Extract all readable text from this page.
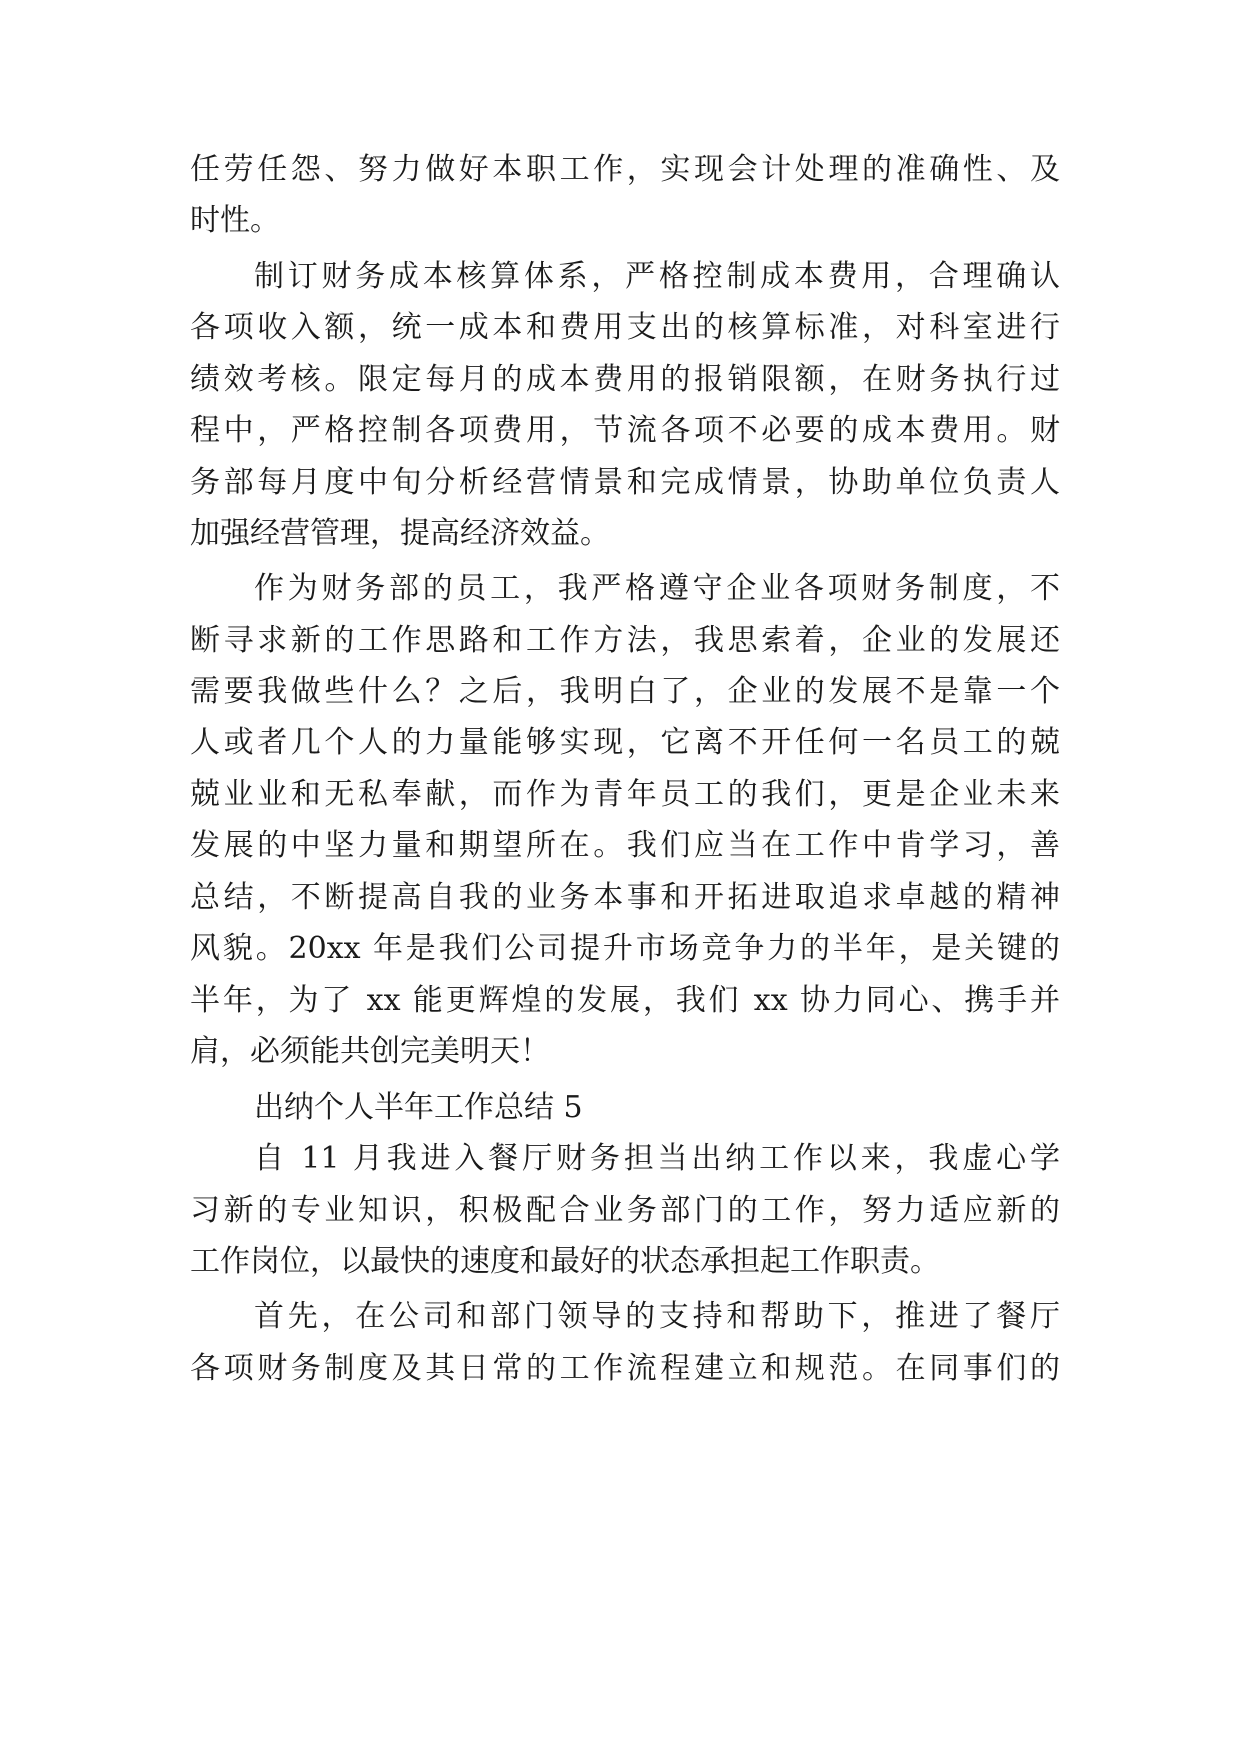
任劳任怨、努力做好本职工作，实现会计处理的准确性、及
时性。
制订财务成本核算体系，严格控制成本费用，合理确认
各项收入额，统一成本和费用支出的核算标准，对科室进行
绩效考核。限定每月的成本费用的报销限额，在财务执行过
程中，严格控制各项费用，节流各项不必要的成本费用。财
务部每月度中旬分析经营情景和完成情景，协助单位负责人
加强经营管理，提高经济效益。
作为财务部的员工，我严格遵守企业各项财务制度，不
断寻求新的工作思路和工作方法，我思索着，企业的发展还
需要我做些什么？之后，我明白了，企业的发展不是靠一个
人或者几个人的力量能够实现，它离不开任何一名员工的兢
兢业业和无私奉献，而作为青年员工的我们，更是企业未来
发展的中坚力量和期望所在。我们应当在工作中肯学习，善
总结，不断提高自我的业务本事和开拓进取追求卓越的精神
风貌。20xx 年是我们公司提升市场竞争力的半年，是关键的
半年，为了 xx 能更辉煌的发展，我们 xx 协力同心、携手并
肩，必须能共创完美明天！
出纳个人半年工作总结 5
自 11 月我进入餐厅财务担当出纳工作以来，我虚心学
习新的专业知识，积极配合业务部门的工作，努力适应新的
工作岗位，以最快的速度和最好的状态承担起工作职责。
首先，在公司和部门领导的支持和帮助下，推进了餐厅
各项财务制度及其日常的工作流程建立和规范。在同事们的
